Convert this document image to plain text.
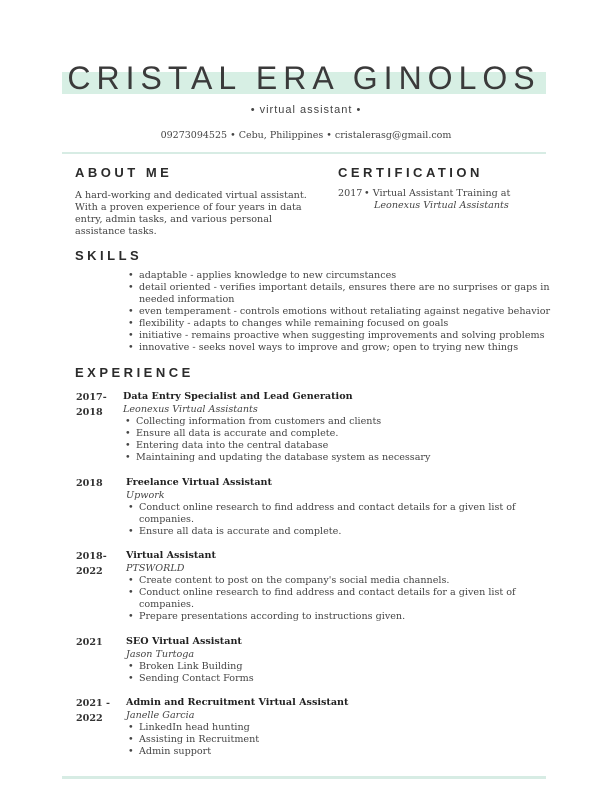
CRISTAL ERA GINOLOS
• virtual assistant •
09273094525 • Cebu, Philippines • cristalerasg@gmail.com
ABOUT ME
A hard-working and dedicated virtual assistant. With a proven experience of four years in data entry, admin tasks, and various personal assistance tasks.
CERTIFICATION
2017 • Virtual Assistant Training at
Leonexus Virtual Assistants
SKILLS
• adaptable - applies knowledge to new circumstances
• detail oriented - verifies important details, ensures there are no surprises or gaps in needed information
• even temperament - controls emotions without retaliating against negative behavior
• flexibility - adapts to changes while remaining focused on goals
• initiative - remains proactive when suggesting improvements and solving problems
• innovative - seeks novel ways to improve and grow; open to trying new things
EXPERIENCE
2017-
2018
Data Entry Specialist and Lead Generation
Leonexus Virtual Assistants
• Collecting information from customers and clients
• Ensure all data is accurate and complete.
• Entering data into the central database
• Maintaining and updating the database system as necessary
2018	Freelance Virtual Assistant
Upwork
• Conduct online research to find address and contact details for a given list of companies.
• Ensure all data is accurate and complete.
2018-
2022
Virtual Assistant
PTSWORLD
• Create content to post on the company's social media channels.
• Conduct online research to find address and contact details for a given list of companies.
• Prepare presentations according to instructions given.
2021	SEO Virtual Assistant
Jason Turtoga
• Broken Link Building
• Sending Contact Forms
2021 -
2022
Admin and Recruitment Virtual Assistant
Janelle Garcia
• LinkedIn head hunting
• Assisting in Recruitment
• Admin support
